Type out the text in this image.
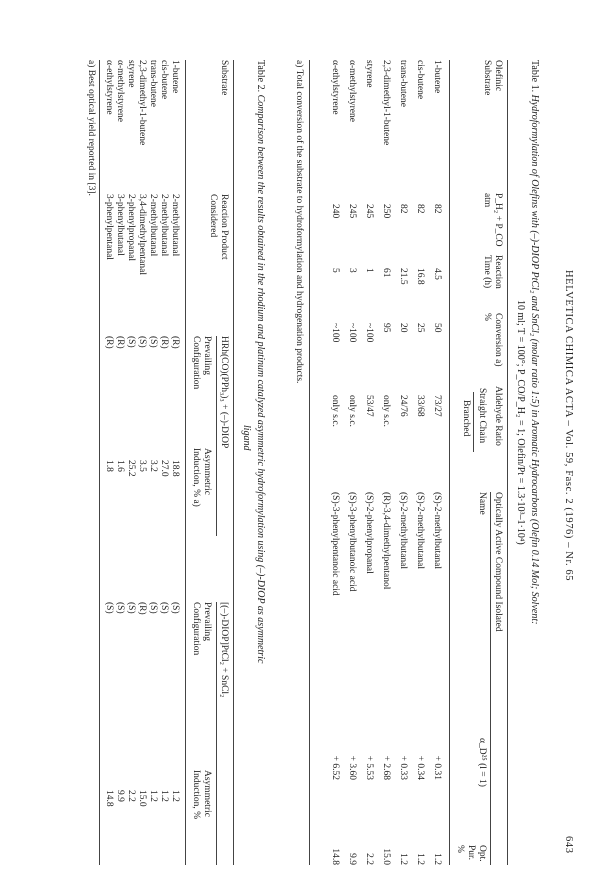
HELVETICA CHIMICA ACTA – Vol. 59, Fasc. 2 (1976) – Nr. 65
643
Table 1. Hydroformylation of Olefins with (–)-DIOP PtCl₂ and SnCl₂ (molar ratio 1:5) in Aromatic Hydrocarbons (Olefin 0.14 Mol; Solvent:
10 ml; T = 100°; P_CO/P_H₂ = 1; Olefin/Pt = 1.3·10³–1·10⁴)
Olefinic
Substrate
P_H₂ + P_CO
atm
Reaction
Time (h)
Conversion a)
%
Aldehyde Ratio
Straight Chain
Branched
Optically Active Compound Isolated
Name
α_D²⁵ (l = 1)
Opt.
Pur.
%
1-butene
82
4.5
50
73/27
(S)-2-methylbutanal
+ 0.31
1.2
cis-butene
82
16.8
25
33/68
(S)-2-methylbutanal
+ 0.34
1.2
trans-butene
82
21.5
20
24/76
(S)-2-methylbutanal
+ 0.33
1.2
2,3-dimethyl-1-butene
250
61
95
only s.c.
(R)-3,4-dimethylpentanol
+ 2.68
15.0
styrene
245
1
~100
53/47
(S)-2-phenylpropanal
+ 5.53
2.2
α-methylstyrene
245
3
~100
only s.c.
(S)-3-phenylbutanoic acid
+ 3.60
9.9
α-ethylstyrene
240
5
~100
only s.c.
(S)-3-phenylpentanoic acid
+ 6.52
14.8
a) Total conversion of the substrate to hydroformylation and hydrogenation products.
Table 2. Comparison between the results obtained in the rhodium and platinum catalyzed asymmetric hydroformylation using (–)-DIOP as asymmetric
ligand
Substrate
Reaction Product
Considered
HRh(CO)(PPh₃)₃ + (–)-DIOP
[(–)-DIOP]PtCl₂ + SnCl₂
Prevailing
Configuration
Asymmetric
Induction, % a)
Prevailing
Configuration
Asymmetric
Induction, %
1-butene
2-methylbutanal
(R)
18.8
(S)
1.2
cis-butene
2-methylbutanal
(R)
27.0
(S)
1.2
trans-butene
2-methylbutanal
(S)
3.2
(S)
1.2
2,3-dimethyl-1-butene
3,4-dimethylpentanal
(S)
3.5
(R)
15.0
styrene
2-phenylpropanal
(S)
25.2
(S)
2.2
α-methylstyrene
3-phenylbutanal
(R)
1.6
(S)
9.9
α-ethylstyrene
3-phenylpentanal
(R)
1.8
(S)
14.8
a) Best optical yield reported in [3].
